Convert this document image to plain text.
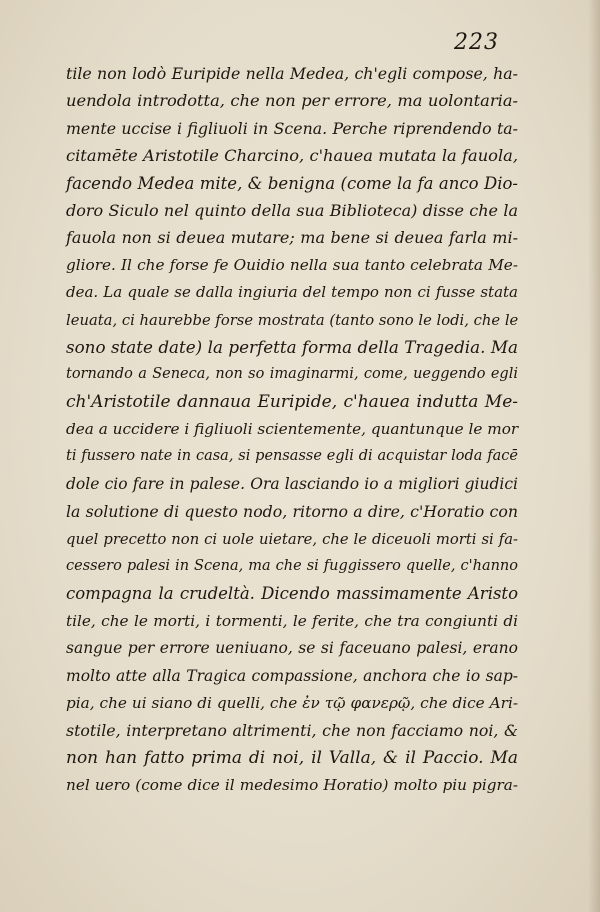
223
tile non lodò Euripide nella Medea, ch'egli compose, ha-
uendola introdotta, che non per errore, ma uolontaria-
mente uccise i figliuoli in Scena. Perche riprendendo ta-
citamēte Aristotile Charcino, c'hauea mutata la fauola,
facendo Medea mite, & benigna (come la fa anco Dio-
doro Siculo nel quinto della sua Biblioteca) disse che la
fauola non si deuea mutare; ma bene si deuea farla mi-
gliore. Il che forse fe Ouidio nella sua tanto celebrata Me-
dea. La quale se dalla ingiuria del tempo non ci fusse stata
leuata, ci haurebbe forse mostrata (tanto sono le lodi, che le
sono state date) la perfetta forma della Tragedia. Ma
tornando a Seneca, non so imaginarmi, come, ueggendo egli
ch'Aristotile dannaua Euripide, c'hauea indutta Me-
dea a uccidere i figliuoli scientemente, quantunque le mor
ti fussero nate in casa, si pensasse egli di acquistar loda facē
dole cio fare in palese. Ora lasciando io a migliori giudici
la solutione di questo nodo, ritorno a dire, c'Horatio con
quel precetto non ci uole uietare, che le diceuoli morti si fa-
cessero palesi in Scena, ma che si fuggissero quelle, c'hanno
compagna la crudeltà. Dicendo massimamente Aristo
tile, che le morti, i tormenti, le ferite, che tra congiunti di
sangue per errore ueniuano, se si faceuano palesi, erano
molto atte alla Tragica compassione, anchora che io sap-
pia, che ui siano di quelli, che ἐν τῷ φανερῷ, che dice Ari-
stotile, interpretano altrimenti, che non facciamo noi, &
non han fatto prima di noi, il Valla, & il Paccio. Ma
nel uero (come dice il medesimo Horatio) molto piu pigra-
